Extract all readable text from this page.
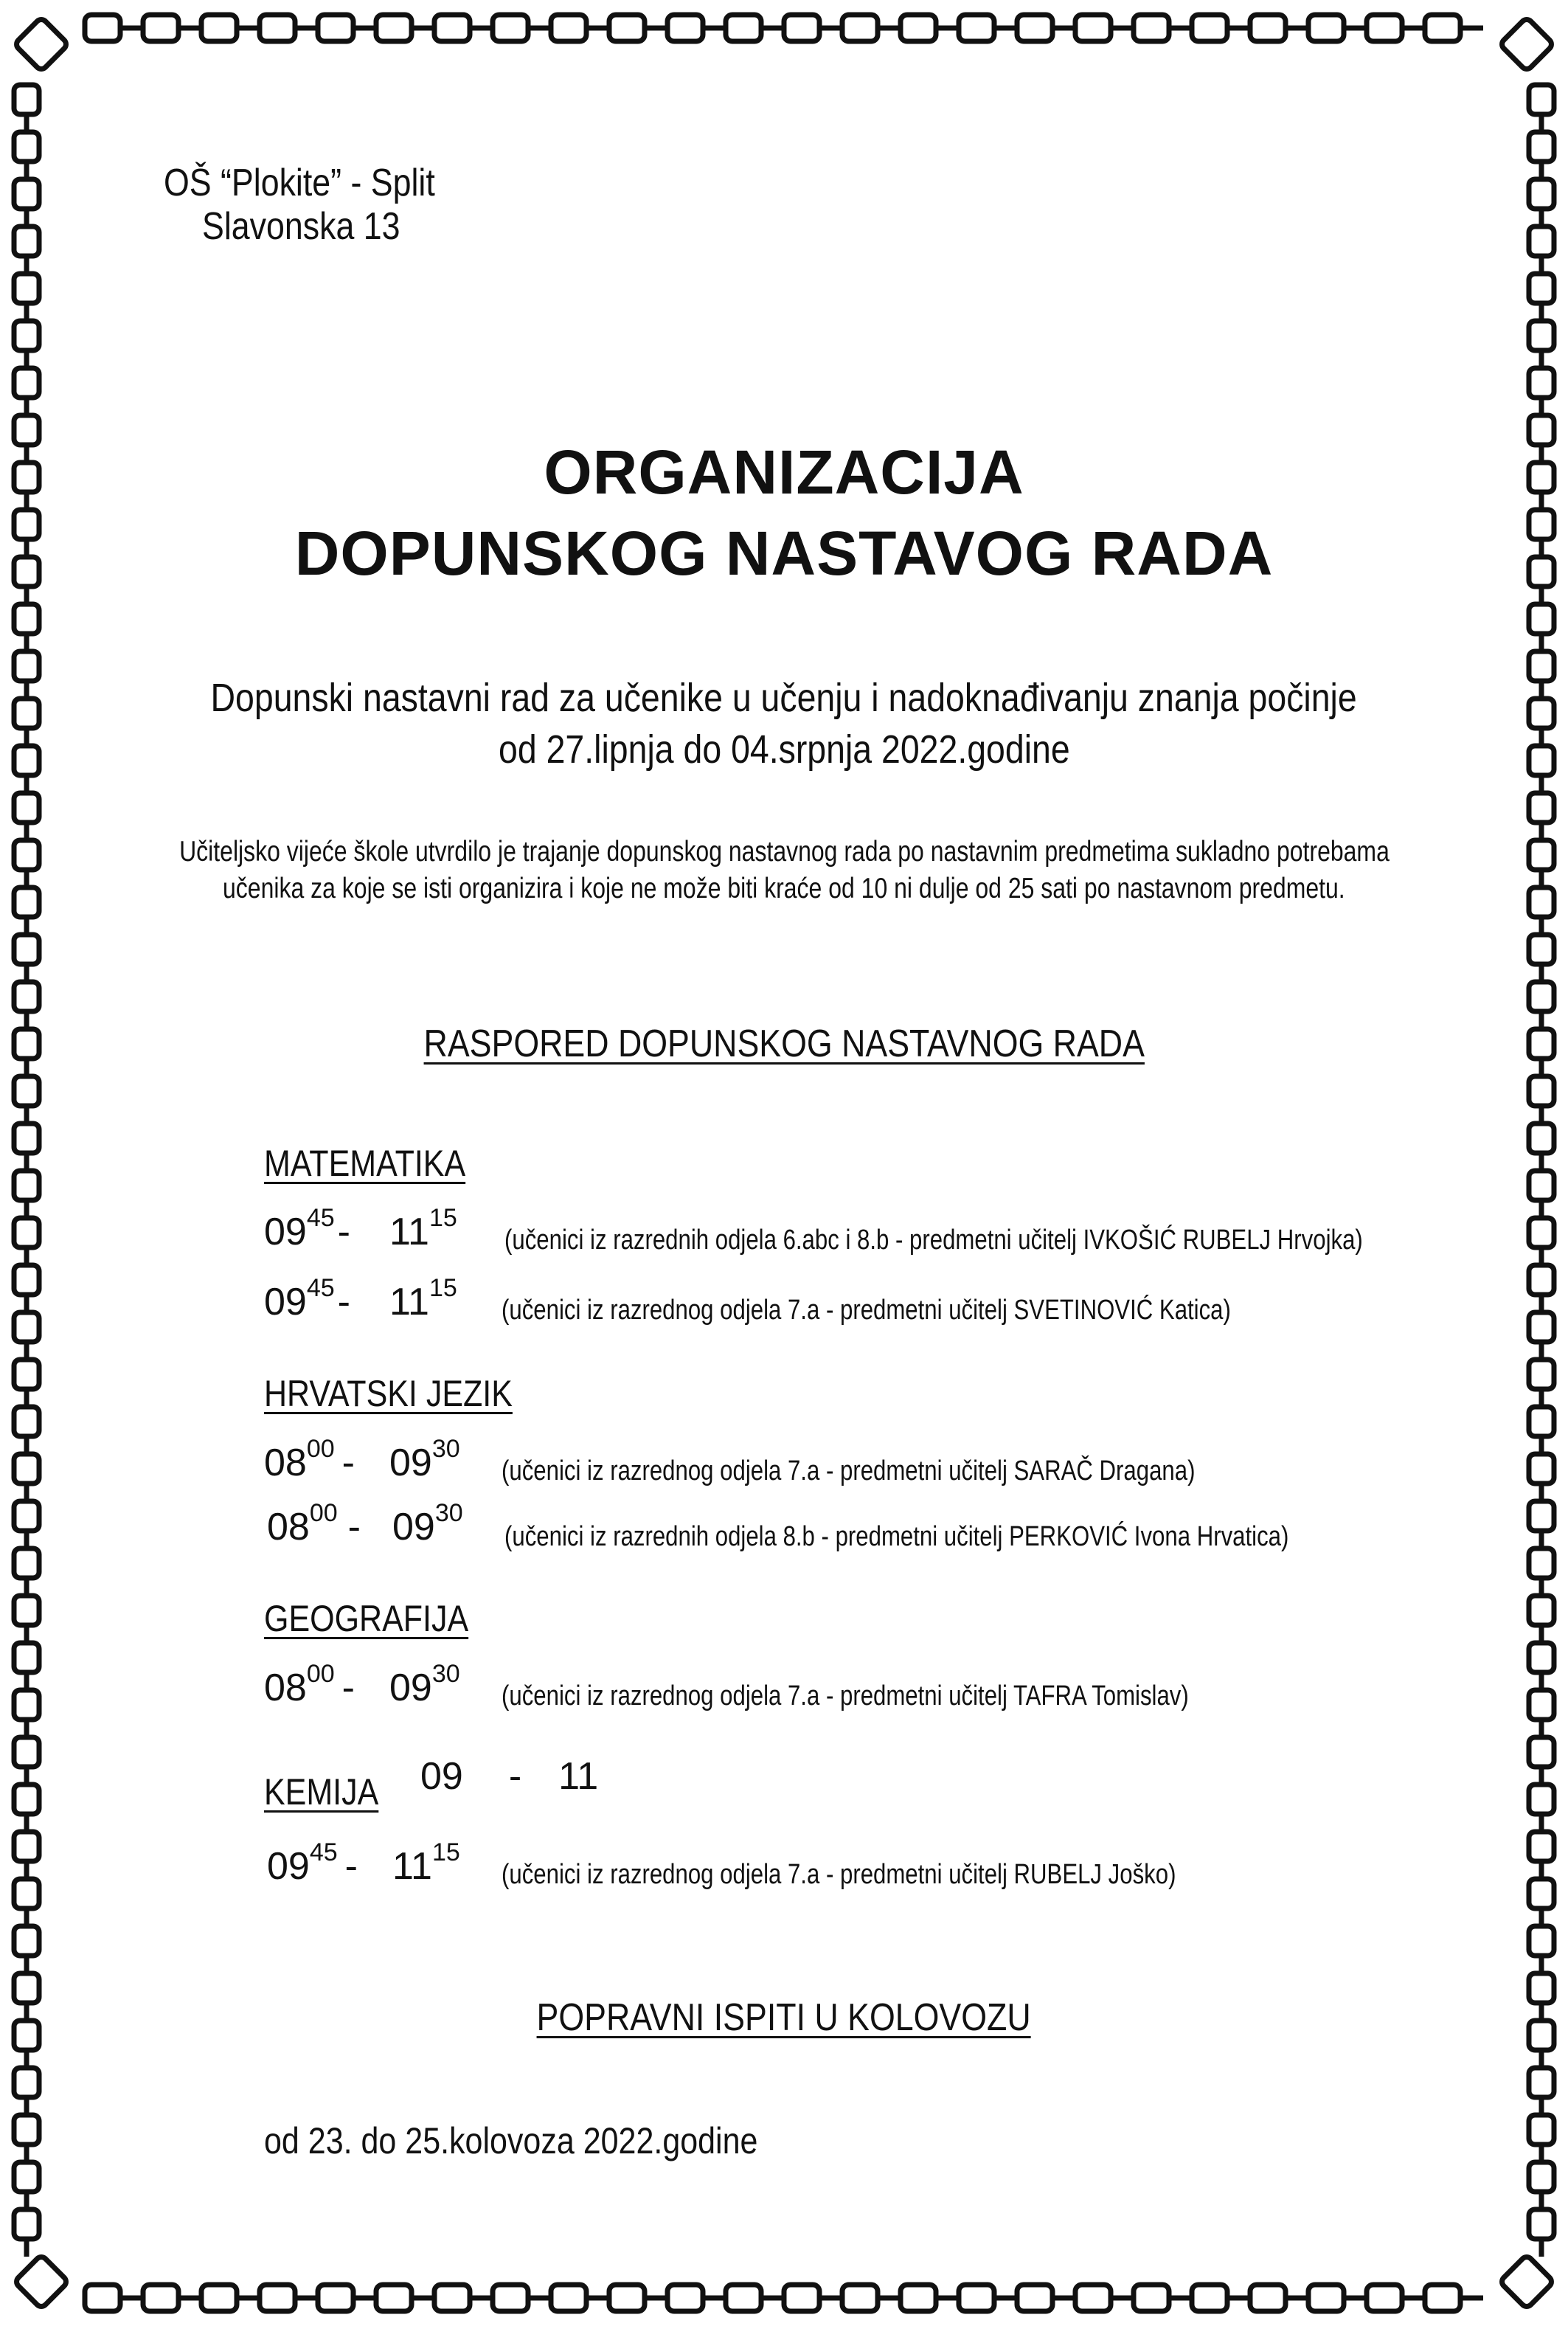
OŠ “Plokite” - Split
Slavonska 13
ORGANIZACIJA
DOPUNSKOG NASTAVOG RADA
Dopunski nastavni rad za učenike u učenju i nadoknađivanju znanja počinje
od 27.lipnja do 04.srpnja 2022.godine
Učiteljsko vijeće škole utvrdilo je trajanje dopunskog nastavnog rada po nastavnim predmetima sukladno potrebama
učenika za koje se isti organizira i koje ne može biti kraće od 10 ni dulje od 25 sati po nastavnom predmetu.
RASPORED DOPUNSKOG NASTAVNOG RADA
MATEMATIKA
$09^{45}-$ $11^{15}$
(učenici iz razrednih odjela 6.abc i 8.b - predmetni učitelj IVKOŠIĆ RUBELJ Hrvojka)
$09^{45}-$ $11^{15}$
(učenici iz razrednog odjela 7.a - predmetni učitelj SVETINOVIĆ Katica)
HRVATSKI JEZIK
$08^{00} - 09^{30}$
(učenici iz razrednog odjela 7.a - predmetni učitelj SARAČ Dragana)
$08^{00} - 09^{30}$
(učenici iz razrednih odjela 8.b - predmetni učitelj PERKOVIĆ Ivona Hrvatica)
GEOGRAFIJA
$08^{00} - 09^{30}$
(učenici iz razrednog odjela 7.a - predmetni učitelj TAFRA Tomislav)
09 - 11
KEMIJA
$09^{45} - 11^{15}$
(učenici iz razrednog odjela 7.a - predmetni učitelj RUBELJ Joško)
POPRAVNI ISPITI U KOLOVOZU
od 23. do 25.kolovoza 2022.godine
